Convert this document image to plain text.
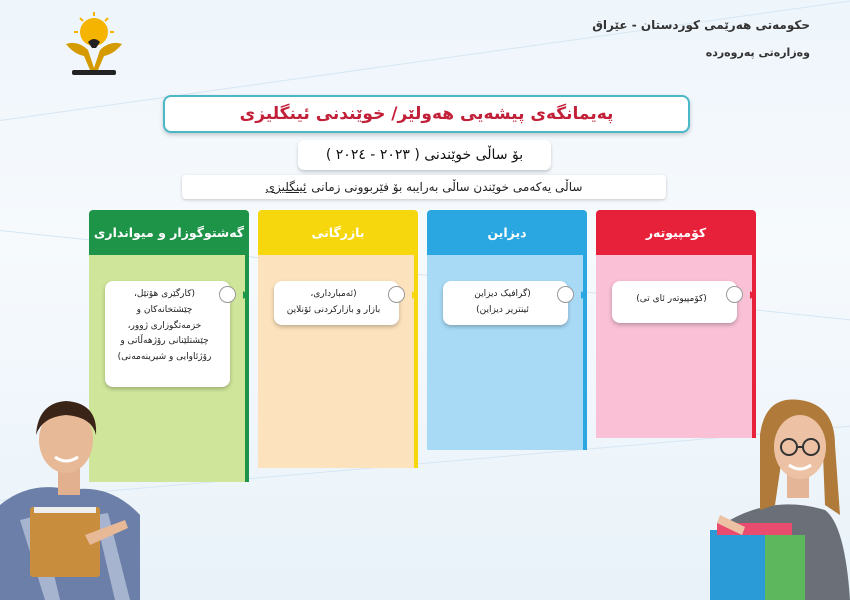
حکومەتی هەرێمی کوردستان - عێراق
وەزارەتی پەروەردە
پەیمانگەی پیشەیی هەولێر/ خوێندنی ئینگلیزی
بۆ ساڵی خوێندنی ( ٢٠٢٣ - ٢٠٢٤ )
ساڵی یەکەمی خوێندن ساڵی بەرایبە بۆ فێربوونی زمانی

ئینگلیزی
کۆمپیوتەر
(کۆمپیوتەر ئای تی)
دیزاین
(گرافیک دیزاین
ئینتریر دیزاین)
بازرگانی
(ئەمبارداری،
بازار و بازارکردنی ئۆنلاین
گەشتوگوزار و میوانداری
(کارگێری هۆتێل،
چێشتخانەکان و
خزمەتگوزاری ژوور،
چێشتلێنانی رۆژهەڵاتی و
رۆژئاوایی و شیرینەمەنی)
